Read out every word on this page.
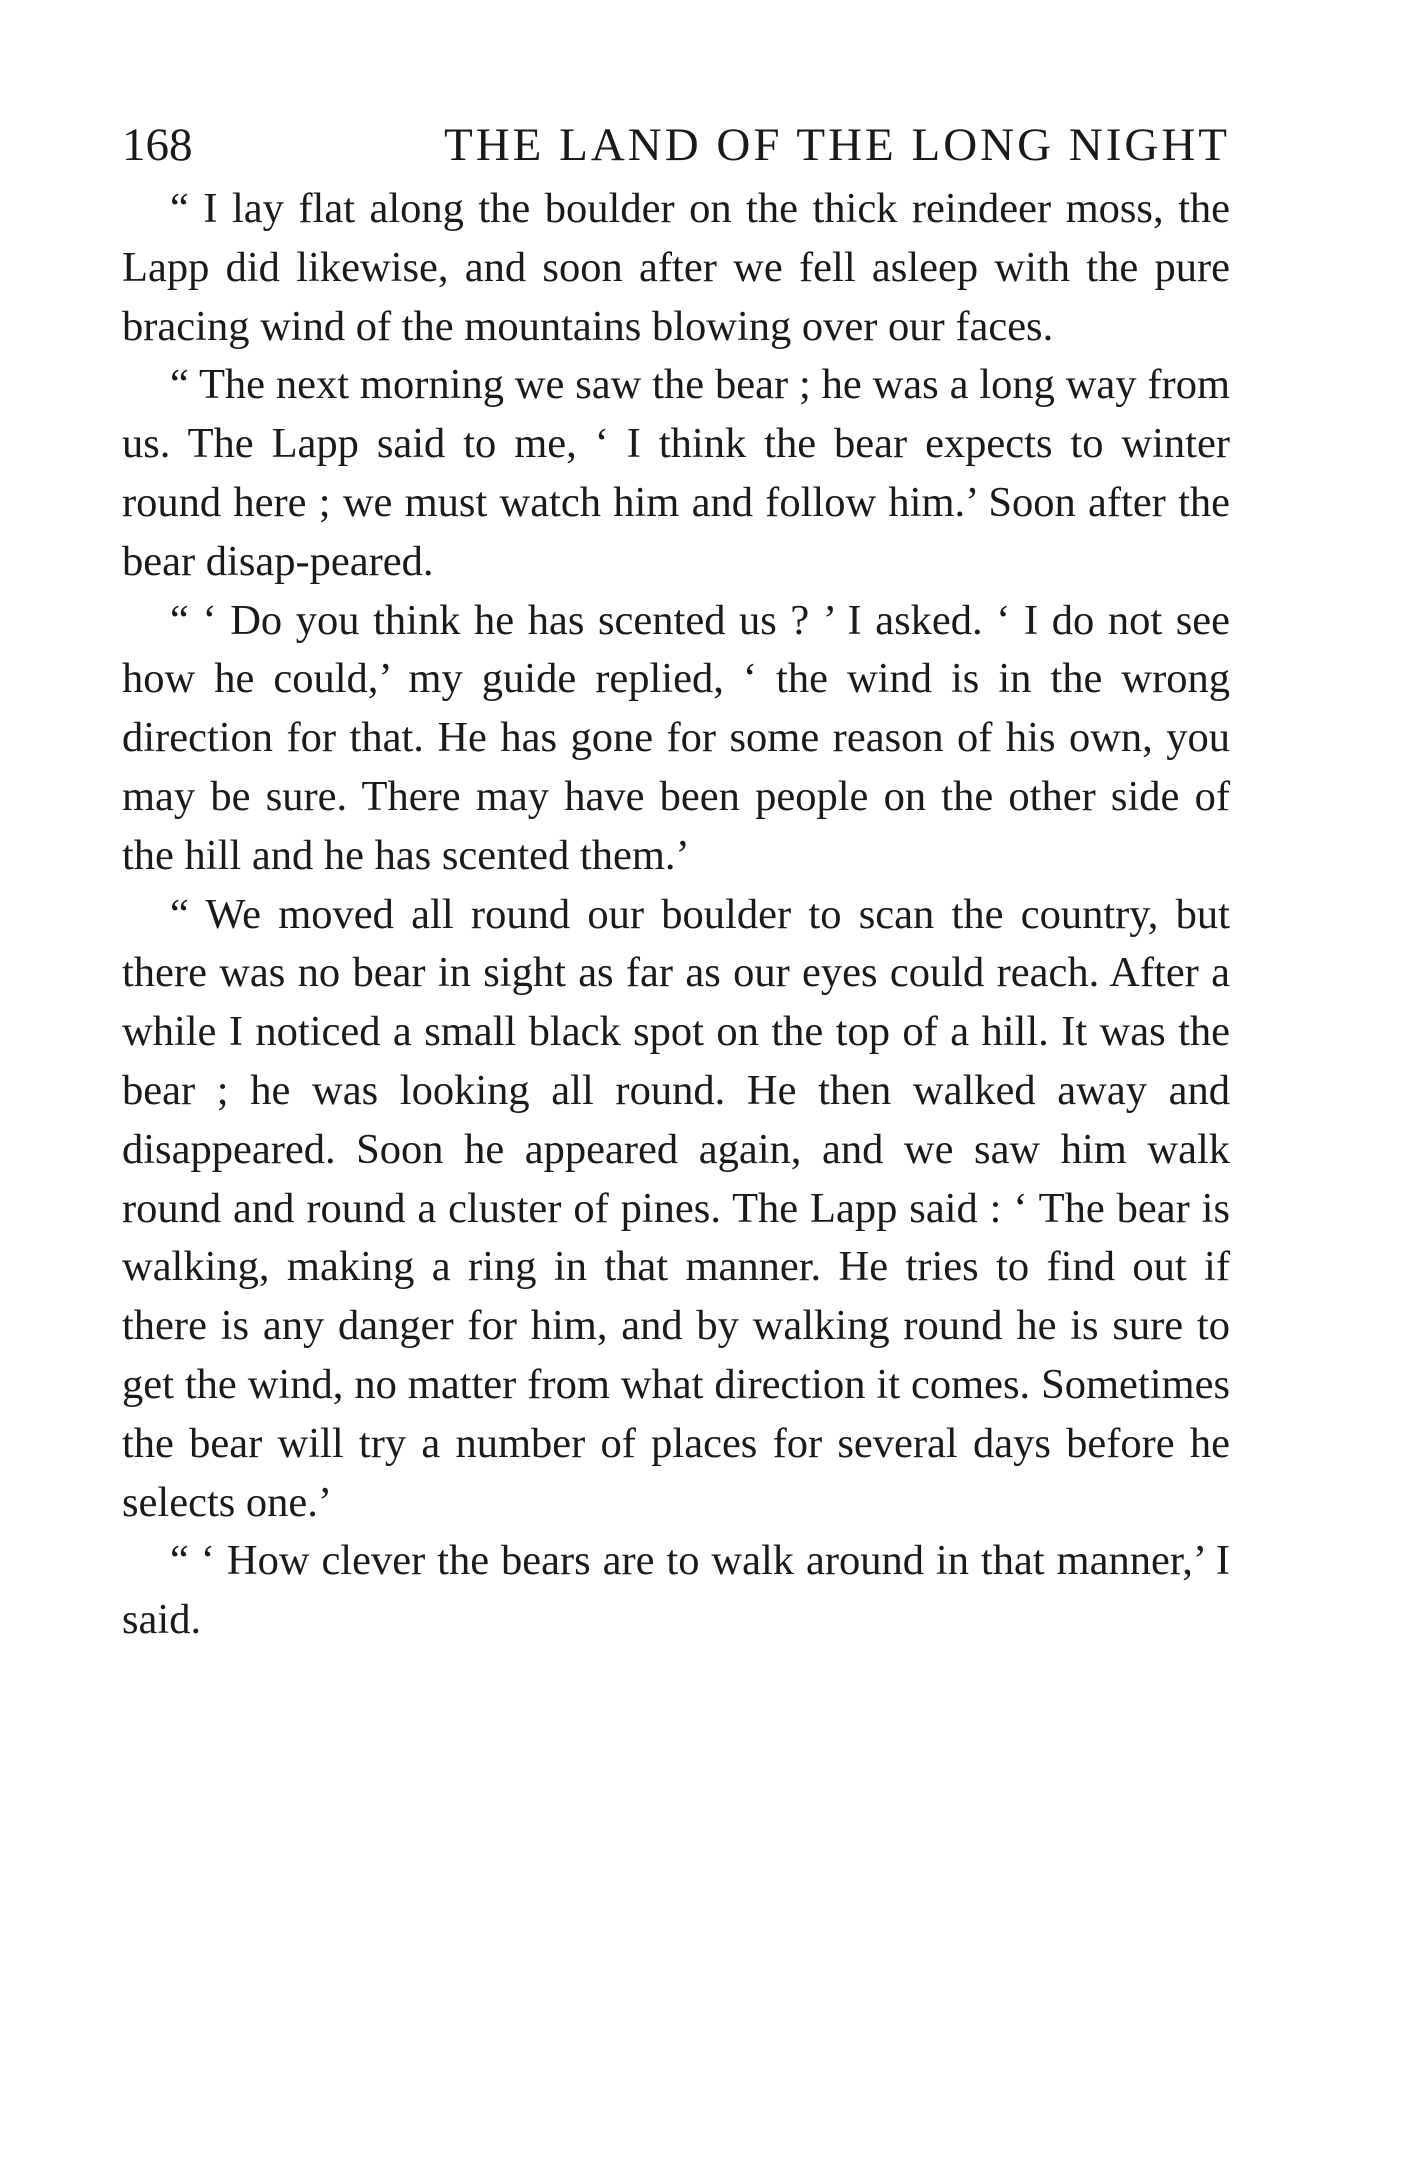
168	THE LAND OF THE LONG NIGHT

“ I lay flat along the boulder on the thick reindeer moss, the Lapp did likewise, and soon after we fell asleep with the pure bracing wind of the mountains blowing over our faces.

“ The next morning we saw the bear ; he was a long way from us. The Lapp said to me, ‘ I think the bear expects to winter round here ; we must watch him and follow him.’ Soon after the bear disap-peared.

“ ‘ Do you think he has scented us ? ’ I asked. ‘ I do not see how he could,’ my guide replied, ‘ the wind is in the wrong direction for that. He has gone for some reason of his own, you may be sure. There may have been people on the other side of the hill and he has scented them.’

“ We moved all round our boulder to scan the country, but there was no bear in sight as far as our eyes could reach. After a while I noticed a small black spot on the top of a hill. It was the bear ; he was looking all round. He then walked away and disappeared. Soon he appeared again, and we saw him walk round and round a cluster of pines. The Lapp said : ‘ The bear is walking, making a ring in that manner. He tries to find out if there is any danger for him, and by walking round he is sure to get the wind, no matter from what direction it comes. Sometimes the bear will try a number of places for several days before he selects one.’

“ ‘ How clever the bears are to walk around in that manner,’ I said.
